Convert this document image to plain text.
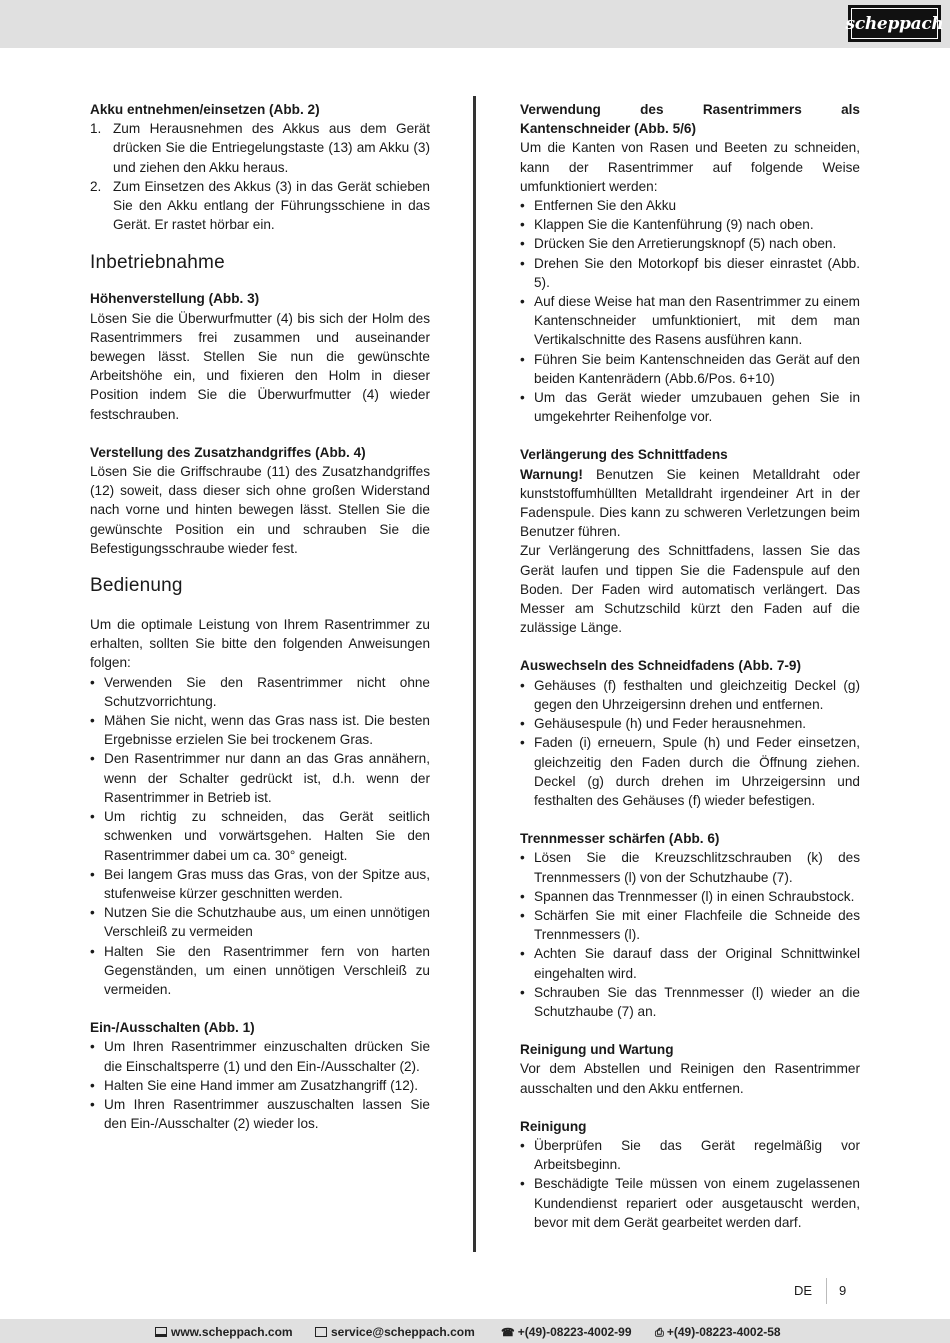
scheppach

Akku entnehmen/einsetzen (Abb. 2)

1. Zum Herausnehmen des Akkus aus dem Gerät drücken Sie die Entriegelungstaste (13) am Akku (3) und ziehen den Akku heraus.
2. Zum Einsetzen des Akkus (3) in das Gerät schieben Sie den Akku entlang der Führungsschiene in das Gerät. Er rastet hörbar ein.
Inbetriebnahme

Höhenverstellung (Abb. 3)

Lösen Sie die Überwurfmutter (4) bis sich der Holm des Rasentrimmers frei zusammen und auseinander bewegen lässt. Stellen Sie nun die gewünschte Arbeitshöhe ein, und fixieren den Holm in dieser Position indem Sie die Überwurfmutter (4) wieder festschrauben.

Verstellung des Zusatzhandgriffes (Abb. 4)

Lösen Sie die Griffschraube (11) des Zusatzhandgriffes (12) soweit, dass dieser sich ohne großen Widerstand nach vorne und hinten bewegen lässt. Stellen Sie die gewünschte Position ein und schrauben Sie die Befestigungsschraube wieder fest.

Bedienung

Um die optimale Leistung von Ihrem Rasentrimmer zu erhalten, sollten Sie bitte den folgenden Anweisungen folgen:

• Verwenden Sie den Rasentrimmer nicht ohne Schutzvorrichtung.
• Mähen Sie nicht, wenn das Gras nass ist. Die besten Ergebnisse erzielen Sie bei trockenem Gras.
• Den Rasentrimmer nur dann an das Gras annähern, wenn der Schalter gedrückt ist, d.h. wenn der Rasentrimmer in Betrieb ist.
• Um richtig zu schneiden, das Gerät seitlich schwenken und vorwärtsgehen. Halten Sie den Rasentrimmer dabei um ca. 30° geneigt.
• Bei langem Gras muss das Gras, von der Spitze aus, stufenweise kürzer geschnitten werden.
• Nutzen Sie die Schutzhaube aus, um einen unnötigen Verschleiß zu vermeiden
• Halten Sie den Rasentrimmer fern von harten Gegenständen, um einen unnötigen Verschleiß zu vermeiden.

Ein-/Ausschalten (Abb. 1)

• Um Ihren Rasentrimmer einzuschalten drücken Sie die Einschaltsperre (1) und den Ein-/Ausschalter (2).
• Halten Sie eine Hand immer am Zusatzhangriff (12).
• Um Ihren Rasentrimmer auszuschalten lassen Sie den Ein-/Ausschalter (2) wieder los.

Verwendung des Rasentrimmers als Kantenschneider (Abb. 5/6)

Um die Kanten von Rasen und Beeten zu schneiden, kann der Rasentrimmer auf folgende Weise umfunktioniert werden:

• Entfernen Sie den Akku
• Klappen Sie die Kantenführung (9) nach oben.
• Drücken Sie den Arretierungsknopf (5) nach oben.
• Drehen Sie den Motorkopf bis dieser einrastet (Abb. 5).
• Auf diese Weise hat man den Rasentrimmer zu einem Kantenschneider umfunktioniert, mit dem man Vertikalschnitte des Rasens ausführen kann.
• Führen Sie beim Kantenschneiden das Gerät auf den beiden Kantenrädern (Abb.6/Pos. 6+10)
• Um das Gerät wieder umzubauen gehen Sie in umgekehrter Reihenfolge vor.

Verlängerung des Schnittfadens

Warnung! Benutzen Sie keinen Metalldraht oder kunststoffumhüllten Metalldraht irgendeiner Art in der Fadenspule. Dies kann zu schweren Verletzungen beim Benutzer führen.

Zur Verlängerung des Schnittfadens, lassen Sie das Gerät laufen und tippen Sie die Fadenspule auf den Boden. Der Faden wird automatisch verlängert. Das Messer am Schutzschild kürzt den Faden auf die zulässige Länge.

Auswechseln des Schneidfadens (Abb. 7-9)

• Gehäuses (f) festhalten und gleichzeitig Deckel (g) gegen den Uhrzeigersinn drehen und entfernen.
• Gehäusespule (h) und Feder herausnehmen.
• Faden (i) erneuern, Spule (h) und Feder einsetzen, gleichzeitig den Faden durch die Öffnung ziehen. Deckel (g) durch drehen im Uhrzeigersinn und festhalten des Gehäuses (f) wieder befestigen.

Trennmesser schärfen (Abb. 6)

• Lösen Sie die Kreuzschlitzschrauben (k) des Trennmessers (l) von der Schutzhaube (7).
• Spannen das Trennmesser (l) in einen Schraubstock.
• Schärfen Sie mit einer Flachfeile die Schneide des Trennmessers (l).
• Achten Sie darauf dass der Original Schnittwinkel eingehalten wird.
• Schrauben Sie das Trennmesser (l) wieder an die Schutzhaube (7) an.

Reinigung und Wartung

Vor dem Abstellen und Reinigen den Rasentrimmer ausschalten und den Akku entfernen.

Reinigung

• Überprüfen Sie das Gerät regelmäßig vor Arbeitsbeginn.
• Beschädigte Teile müssen von einem zugelassenen Kundendienst repariert oder ausgetauscht werden, bevor mit dem Gerät gearbeitet werden darf.
DE 9
www.scheppach.com	service@scheppach.com ☎ +(49)-08223-4002-99 ⎙ +(49)-08223-4002-58
